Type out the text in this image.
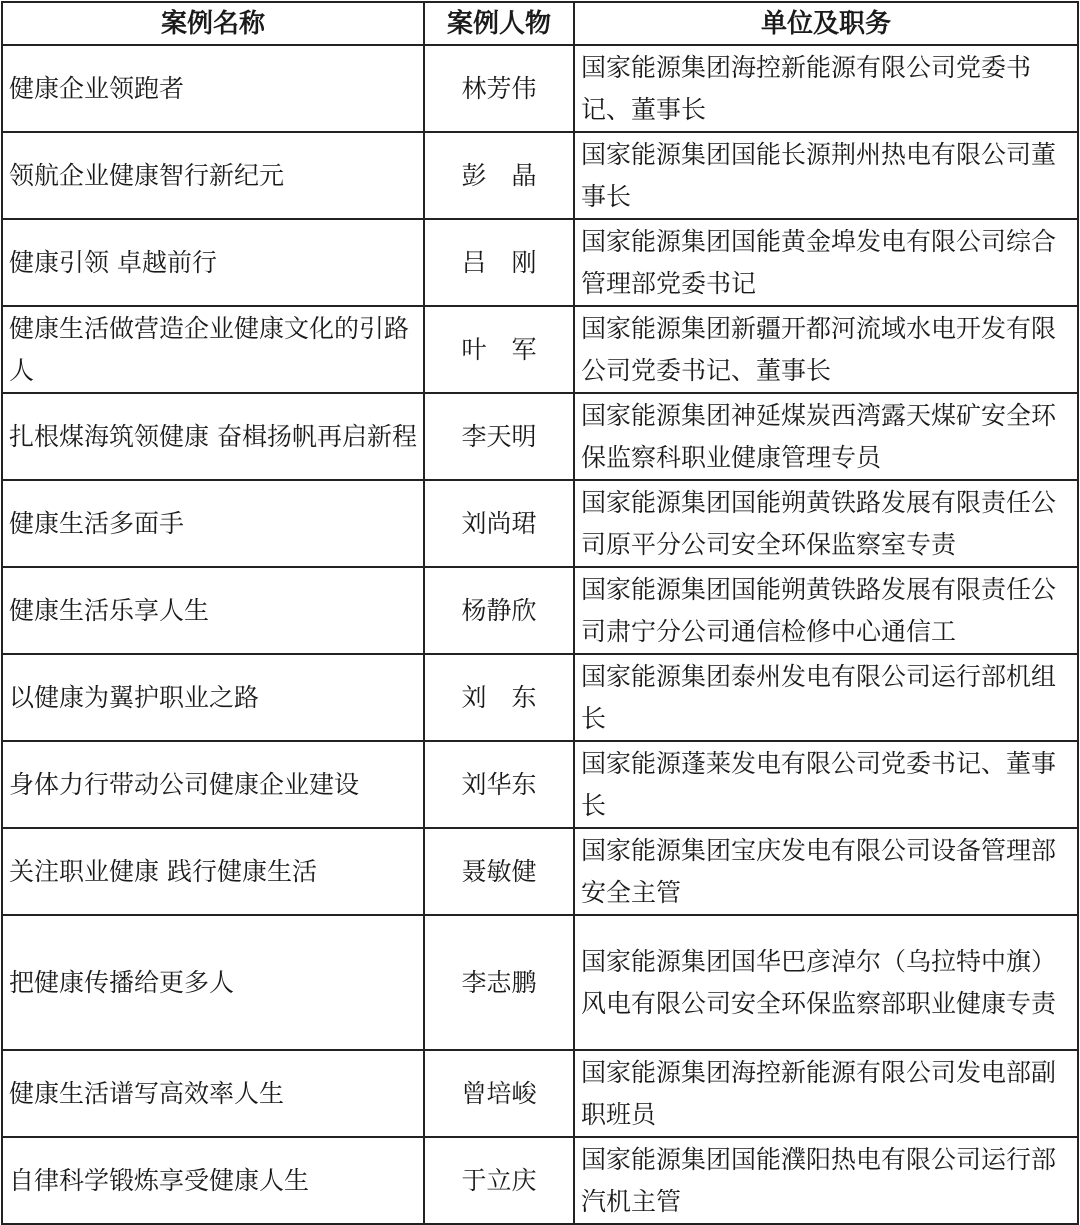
案例名称	案例人物	单位及职务
健康企业领跑者	林芳伟	国家能源集团海控新能源有限公司党委书记、董事长
领航企业健康智行新纪元	彭　晶	国家能源集团国能长源荆州热电有限公司董事长
健康引领 卓越前行	吕　刚	国家能源集团国能黄金埠发电有限公司综合管理部党委书记
健康生活做营造企业健康文化的引路人	叶　军	国家能源集团新疆开都河流域水电开发有限公司党委书记、董事长
扎根煤海筑领健康 奋楫扬帆再启新程	李天明	国家能源集团神延煤炭西湾露天煤矿安全环保监察科职业健康管理专员
健康生活多面手	刘尚珺	国家能源集团国能朔黄铁路发展有限责任公司原平分公司安全环保监察室专责
健康生活乐享人生	杨静欣	国家能源集团国能朔黄铁路发展有限责任公司肃宁分公司通信检修中心通信工
以健康为翼护职业之路	刘　东	国家能源集团泰州发电有限公司运行部机组长
身体力行带动公司健康企业建设	刘华东	国家能源蓬莱发电有限公司党委书记、董事长
关注职业健康 践行健康生活	聂敏健	国家能源集团宝庆发电有限公司设备管理部安全主管
把健康传播给更多人	李志鹏	国家能源集团国华巴彦淖尔（乌拉特中旗）风电有限公司安全环保监察部职业健康专责
健康生活谱写高效率人生	曾培峻	国家能源集团海控新能源有限公司发电部副职班员
自律科学锻炼享受健康人生	于立庆	国家能源集团国能濮阳热电有限公司运行部汽机主管
